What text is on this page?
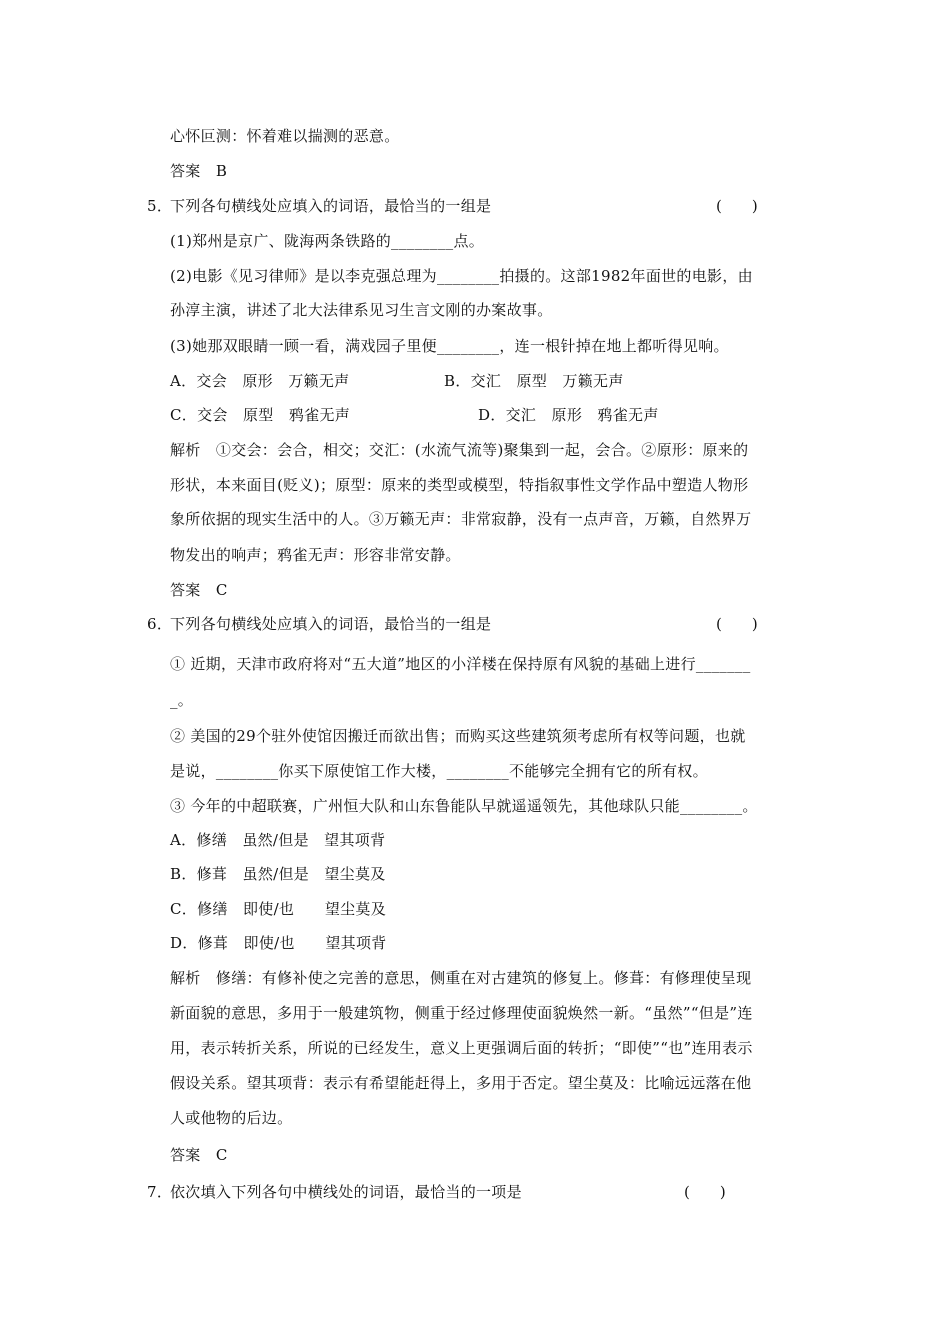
心怀叵测：怀着难以揣测的恶意。
答案　B
5．下列各句横线处应填入的词语，最恰当的一组是	(　　)
(1)郑州是京广、陇海两条铁路的________点。
(2)电影《见习律师》是以李克强总理为________拍摄的。这部1982年面世的电影，由
孙淳主演，讲述了北大法律系见习生言文刚的办案故事。
(3)她那双眼睛一顾一看，满戏园子里便________，连一根针掉在地上都听得见响。
A．交会　原形　万籁无声	B．交汇　原型　万籁无声
C．交会　原型　鸦雀无声	D．交汇　原形　鸦雀无声
解析　①交会：会合，相交；交汇：(水流气流等)聚集到一起，会合。②原形：原来的
形状，本来面目(贬义)；原型：原来的类型或模型，特指叙事性文学作品中塑造人物形
象所依据的现实生活中的人。③万籁无声：非常寂静，没有一点声音，万籁，自然界万
物发出的响声；鸦雀无声：形容非常安静。
答案　C
6．下列各句横线处应填入的词语，最恰当的一组是	(　　)
① 近期，天津市政府将对“五大道”地区的小洋楼在保持原有风貌的基础上进行_______
_。
② 美国的29个驻外使馆因搬迁而欲出售；而购买这些建筑须考虑所有权等问题，也就
是说，________你买下原使馆工作大楼，________不能够完全拥有它的所有权。
③ 今年的中超联赛，广州恒大队和山东鲁能队早就遥遥领先，其他球队只能________。
A．修缮　虽然/但是　望其项背
B．修葺　虽然/但是　望尘莫及
C．修缮　即使/也　　望尘莫及
D．修葺　即使/也　　望其项背
解析　修缮：有修补使之完善的意思，侧重在对古建筑的修复上。修葺：有修理使呈现
新面貌的意思，多用于一般建筑物，侧重于经过修理使面貌焕然一新。“虽然”“但是”连
用，表示转折关系，所说的已经发生，意义上更强调后面的转折；“即使”“也”连用表示
假设关系。望其项背：表示有希望能赶得上，多用于否定。望尘莫及：比喻远远落在他
人或他物的后边。
答案　C
7．依次填入下列各句中横线处的词语，最恰当的一项是	(　　)
